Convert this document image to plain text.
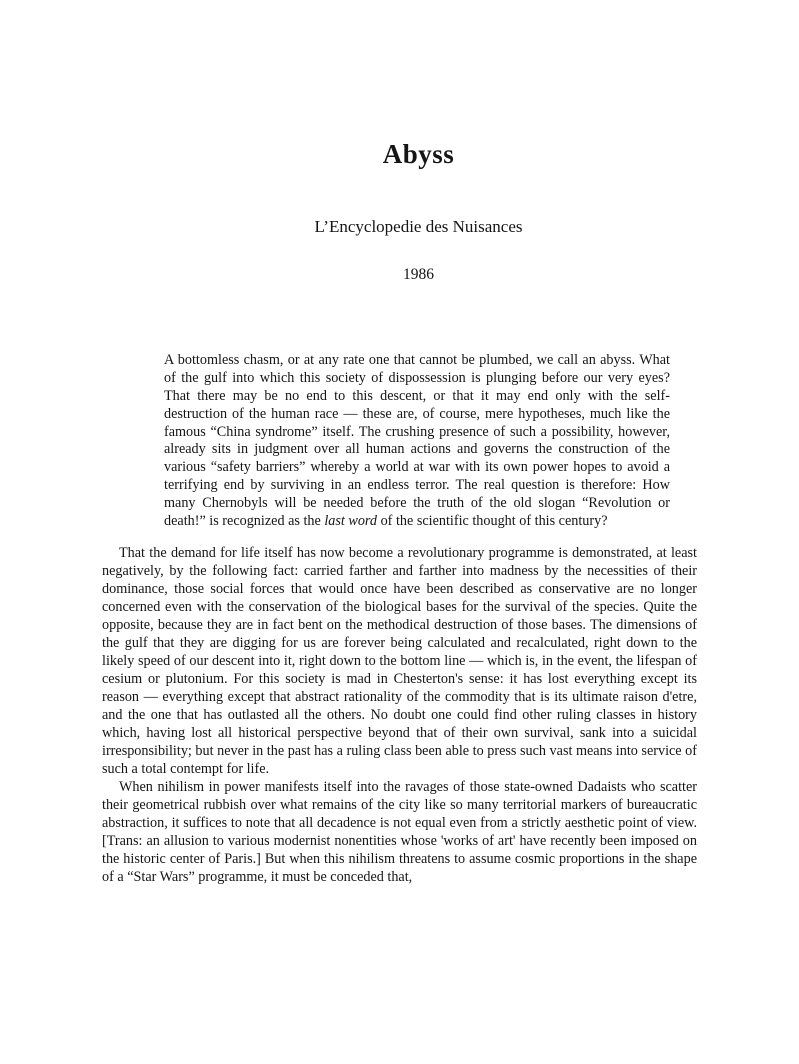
Abyss
L’Encyclopedie des Nuisances
1986
A bottomless chasm, or at any rate one that cannot be plumbed, we call an abyss. What of the gulf into which this society of dispossession is plunging before our very eyes? That there may be no end to this descent, or that it may end only with the self-destruction of the human race — these are, of course, mere hypotheses, much like the famous “China syndrome” itself. The crushing presence of such a possibility, however, already sits in judgment over all human actions and governs the construction of the various “safety barriers” whereby a world at war with its own power hopes to avoid a terrifying end by surviving in an endless terror. The real question is therefore: How many Chernobyls will be needed before the truth of the old slogan “Revolution or death!” is recognized as the last word of the scientific thought of this century?

That the demand for life itself has now become a revolutionary programme is demonstrated, at least negatively, by the following fact: carried farther and farther into madness by the necessities of their dominance, those social forces that would once have been described as conservative are no longer concerned even with the conservation of the biological bases for the survival of the species. Quite the opposite, because they are in fact bent on the methodical destruction of those bases. The dimensions of the gulf that they are digging for us are forever being calculated and recalculated, right down to the likely speed of our descent into it, right down to the bottom line — which is, in the event, the lifespan of cesium or plutonium. For this society is mad in Chesterton's sense: it has lost everything except its reason — everything except that abstract rationality of the commodity that is its ultimate raison d'etre, and the one that has outlasted all the others. No doubt one could find other ruling classes in history which, having lost all historical perspective beyond that of their own survival, sank into a suicidal irresponsibility; but never in the past has a ruling class been able to press such vast means into service of such a total contempt for life.

When nihilism in power manifests itself into the ravages of those state-owned Dadaists who scatter their geometrical rubbish over what remains of the city like so many territorial markers of bureaucratic abstraction, it suffices to note that all decadence is not equal even from a strictly aesthetic point of view. [Trans: an allusion to various modernist nonentities whose 'works of art' have recently been imposed on the historic center of Paris.] But when this nihilism threatens to assume cosmic proportions in the shape of a “Star Wars” programme, it must be conceded that,
